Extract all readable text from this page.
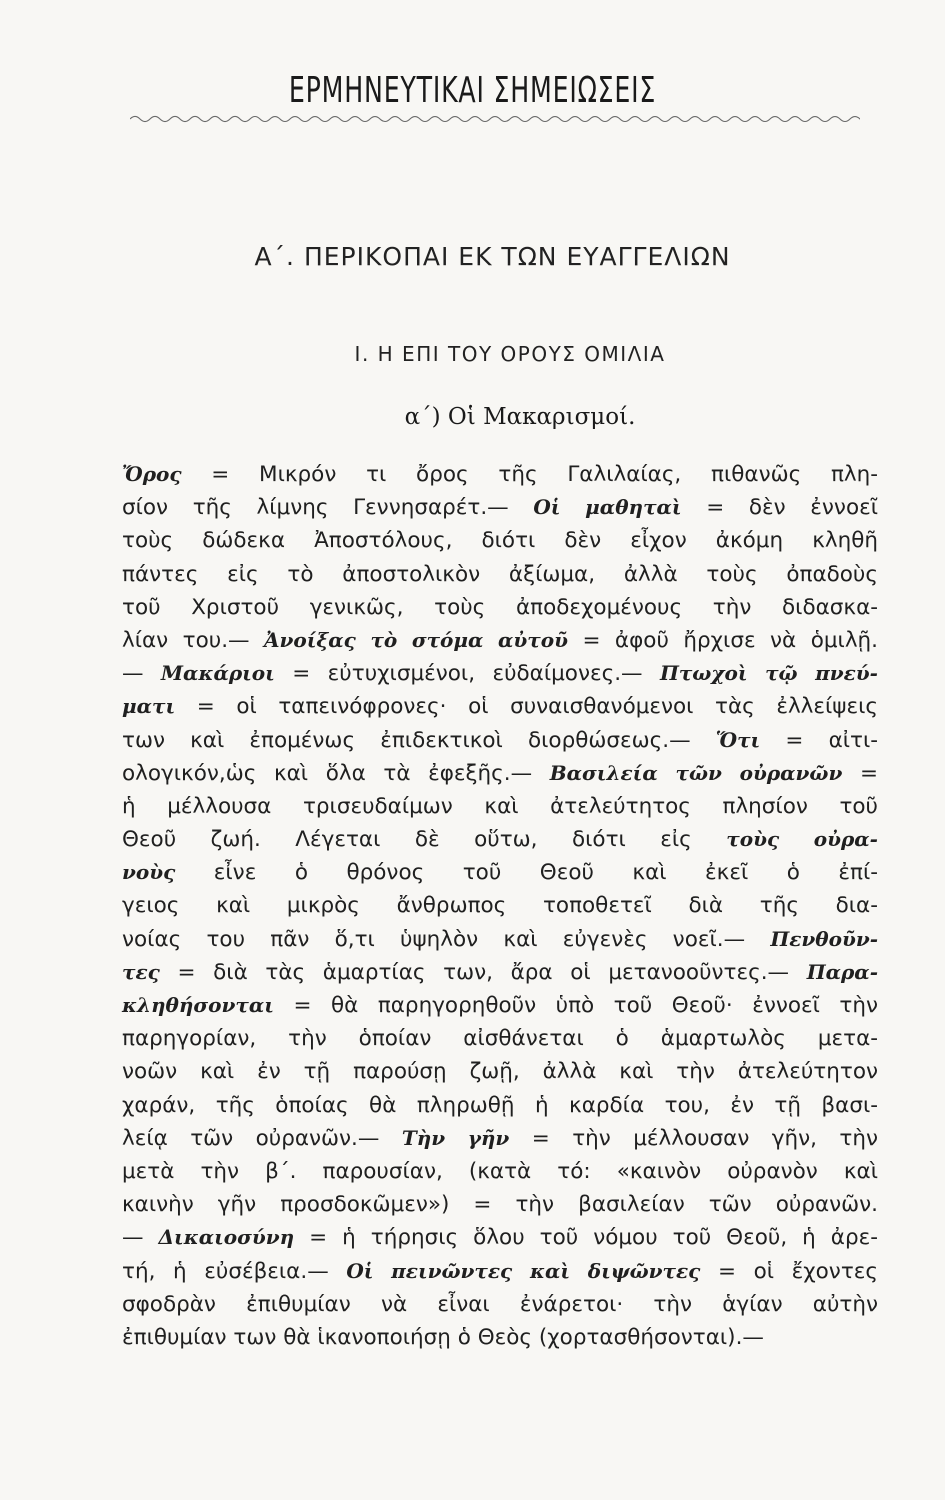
ΕΡΜΗΝΕΥΤΙΚΑΙ ΣΗΜΕΙΩΣΕΙΣ
Α΄. ΠΕΡΙΚΟΠΑΙ ΕΚ ΤΩΝ ΕΥΑΓΓΕΛΙΩΝ
Ι. Η ΕΠΙ ΤΟΥ ΟΡΟΥΣ ΟΜΙΛΙΑ
α΄) Οἱ Μακαρισμοί.
Ὄρος = Μικρόν τι ὄρος τῆς Γαλιλαίας, πιθανῶς πλη-
σίον τῆς λίμνης Γεννησαρέτ.— Οἱ μαθηταὶ = δὲν ἐννοεῖ
τοὺς δώδεκα Ἀποστόλους, διότι δὲν εἶχον ἀκόμη κληθῆ
πάντες εἰς τὸ ἀποστολικὸν ἀξίωμα, ἀλλὰ τοὺς ὀπαδοὺς
τοῦ Χριστοῦ γενικῶς, τοὺς ἀποδεχομένους τὴν διδασκα-
λίαν του.— Ἀνοίξας τὸ στόμα αὐτοῦ = ἀφοῦ ἤρχισε νὰ ὁμιλῇ.
— Μακάριοι = εὐτυχισμένοι, εὐδαίμονες.— Πτωχοὶ τῷ πνεύ-
ματι = οἱ ταπεινόφρονες· οἱ συναισθανόμενοι τὰς ἐλλείψεις
των καὶ ἐπομένως ἐπιδεκτικοὶ διορθώσεως.— Ὅτι = αἰτι-
ολογικόν,ὡς καὶ ὅλα τὰ ἐφεξῆς.— Βασιλεία τῶν οὐρανῶν =
ἡ μέλλουσα τρισευδαίμων καὶ ἀτελεύτητος πλησίον τοῦ
Θεοῦ ζωή. Λέγεται δὲ οὕτω, διότι εἰς τοὺς οὐρα-
νοὺς εἶνε ὁ θρόνος τοῦ Θεοῦ καὶ ἐκεῖ ὁ ἐπί-
γειος καὶ μικρὸς ἄνθρωπος τοποθετεῖ διὰ τῆς δια-
νοίας του πᾶν ὅ,τι ὑψηλὸν καὶ εὐγενὲς νοεῖ.— Πενθοῦν-
τες = διὰ τὰς ἁμαρτίας των, ἄρα οἱ μετανοοῦντες.— Παρα-
κληθήσονται = θὰ παρηγορηθοῦν ὑπὸ τοῦ Θεοῦ· ἐννοεῖ τὴν
παρηγορίαν, τὴν ὁποίαν αἰσθάνεται ὁ ἁμαρτωλὸς μετα-
νοῶν καὶ ἐν τῇ παρούσῃ ζωῇ, ἀλλὰ καὶ τὴν ἀτελεύτητον
χαράν, τῆς ὁποίας θὰ πληρωθῇ ἡ καρδία του, ἐν τῇ βασι-
λείᾳ τῶν οὐρανῶν.— Τὴν γῆν = τὴν μέλλουσαν γῆν, τὴν
μετὰ τὴν β΄. παρουσίαν, (κατὰ τό: «καινὸν οὐρανὸν καὶ
καινὴν γῆν προσδοκῶμεν») = τὴν βασιλείαν τῶν οὐρανῶν.
— Δικαιοσύνη = ἡ τήρησις ὅλου τοῦ νόμου τοῦ Θεοῦ, ἡ ἀρε-
τή, ἡ εὐσέβεια.— Οἱ πεινῶντες καὶ διψῶντες = οἱ ἔχοντες
σφοδρὰν ἐπιθυμίαν νὰ εἶναι ἐνάρετοι· τὴν ἁγίαν αὐτὴν
ἐπιθυμίαν των θὰ ἱκανοποιήσῃ ὁ Θεὸς (χορτασθήσονται).—
